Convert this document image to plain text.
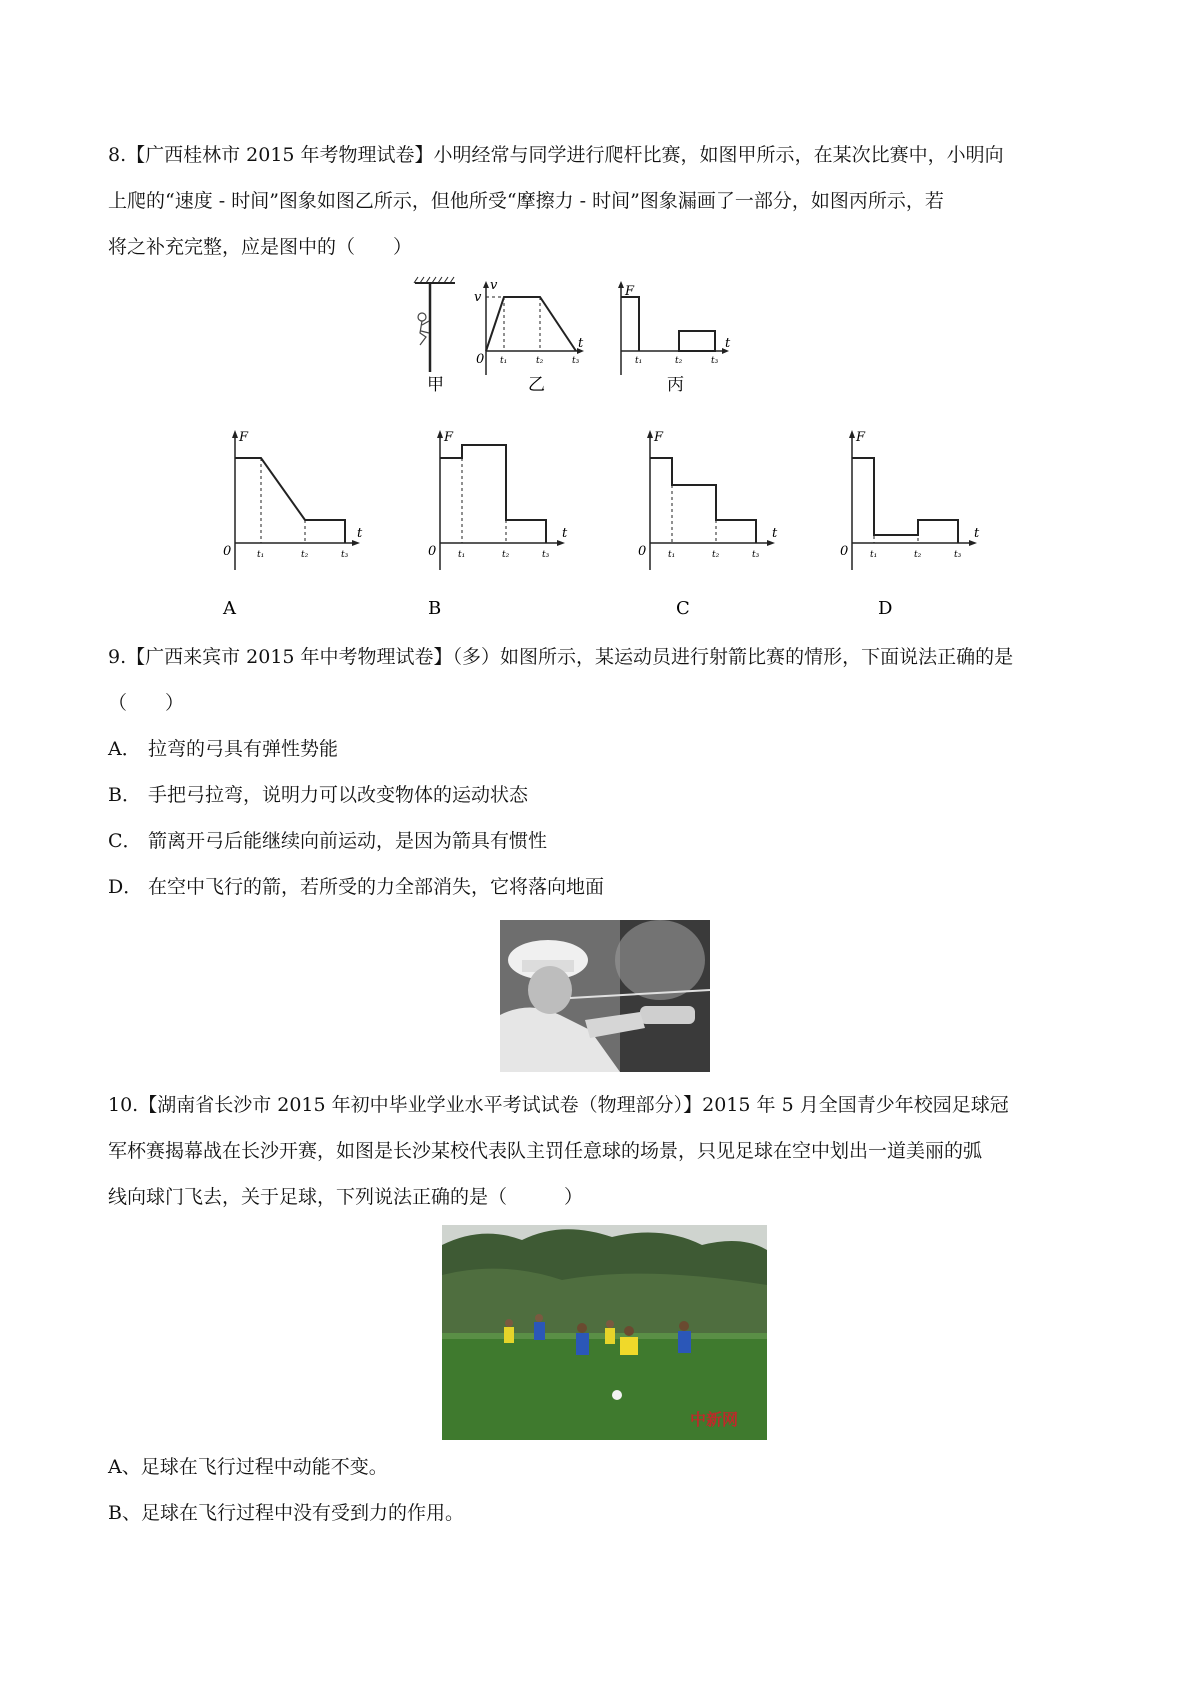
8.【广西桂林市 2015 年考物理试卷】小明经常与同学进行爬杆比赛，如图甲所示，在某次比赛中，小明向
上爬的“速度 - 时间”图象如图乙所示，但他所受“摩擦力 - 时间”图象漏画了一部分，如图丙所示，若
将之补充完整，应是图中的（　　）
甲
v
v
t
0 t₁	t₂	t₃
乙
F
t
t₁	t₂	t₃
丙
F
t
0	t₁	t₂	t₃
A
F
t
0 t₁	t₂	t₃
B
F
t
0 t₁	t₂	t₃
C
F
t
0 t₁	t₂	t₃
D
9.【广西来宾市 2015 年中考物理试卷】（多）如图所示，某运动员进行射箭比赛的情形，下面说法正确的是
（　　）
A． 拉弯的弓具有弹性势能
B． 手把弓拉弯，说明力可以改变物体的运动状态
C． 箭离开弓后能继续向前运动，是因为箭具有惯性
D． 在空中飞行的箭，若所受的力全部消失，它将落向地面
10.【湖南省长沙市 2015 年初中毕业学业水平考试试卷（物理部分）】2015 年 5 月全国青少年校园足球冠
军杯赛揭幕战在长沙开赛，如图是长沙某校代表队主罚任意球的场景，只见足球在空中划出一道美丽的弧
线向球门飞去，关于足球，下列说法正确的是（　　　）
中新网
A、足球在飞行过程中动能不变。
B、足球在飞行过程中没有受到力的作用。
